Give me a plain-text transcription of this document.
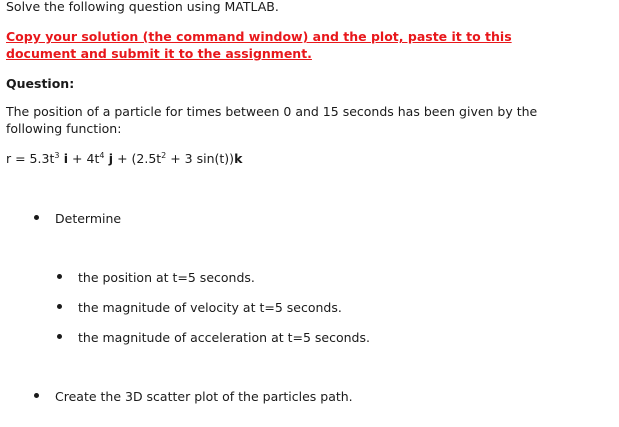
Solve the following question using MATLAB.
Copy your solution (the command window) and the plot, paste it to this document and submit it to the assignment.
Question:
The position of a particle for times between 0 and 15 seconds has been given by the following function:
$r = 5.3t^3$ $i + 4t^4$ $j + (2.5t^2 + 3$ sin(t))k
Determine
the position at t=5 seconds.
the magnitude of velocity at t=5 seconds.
the magnitude of acceleration at t=5 seconds.
Create the 3D scatter plot of the particles path.
